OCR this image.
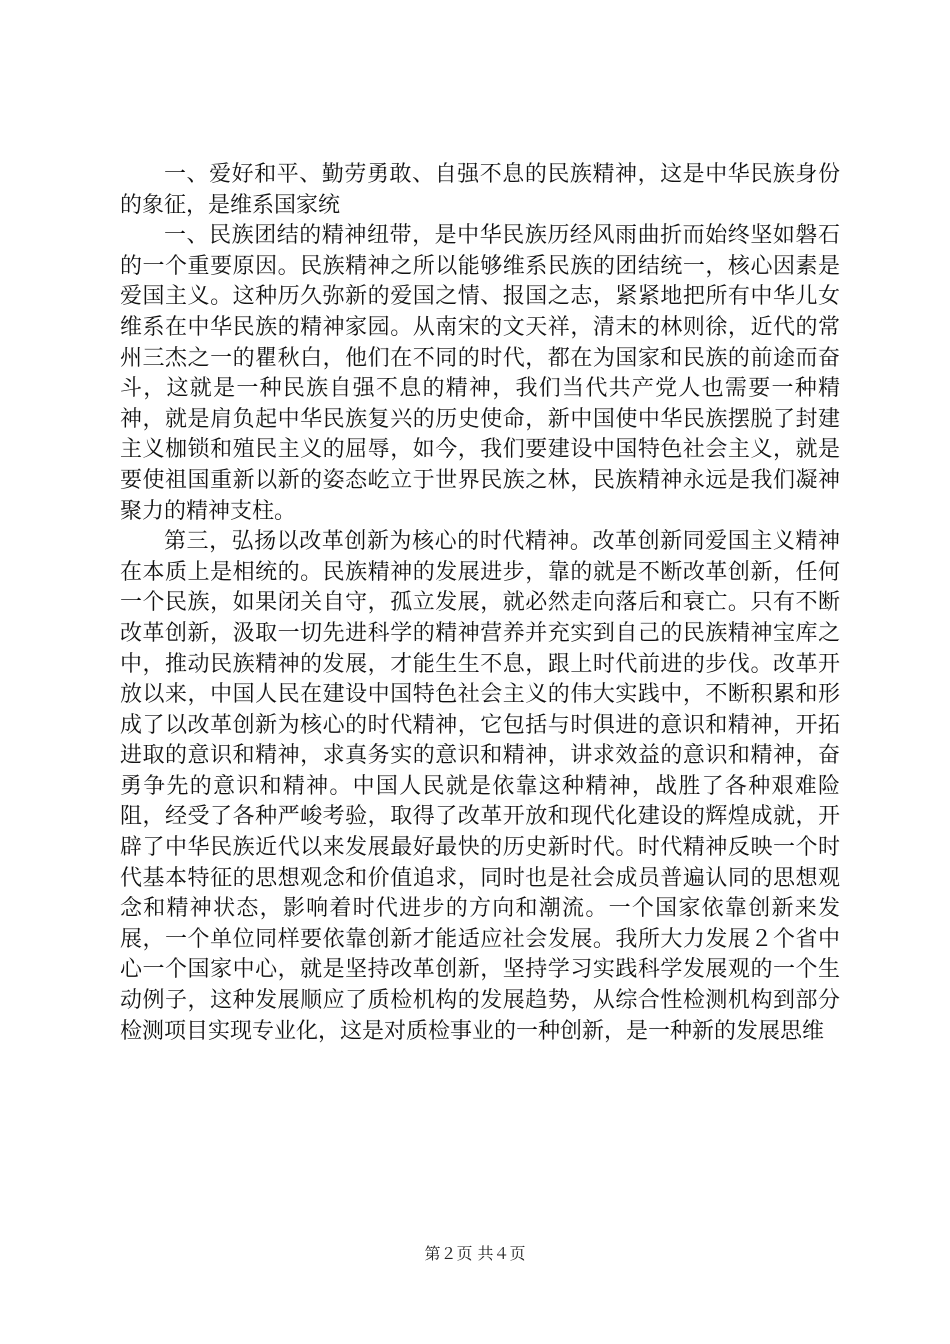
一、爱好和平、勤劳勇敢、自强不息的民族精神，这是中华民族身份的象征，是维系国家统

一、民族团结的精神纽带，是中华民族历经风雨曲折而始终坚如磐石的一个重要原因。民族精神之所以能够维系民族的团结统一，核心因素是爱国主义。这种历久弥新的爱国之情、报国之志，紧紧地把所有中华儿女维系在中华民族的精神家园。从南宋的文天祥，清末的林则徐，近代的常州三杰之一的瞿秋白，他们在不同的时代，都在为国家和民族的前途而奋斗，这就是一种民族自强不息的精神，我们当代共产党人也需要一种精神，就是肩负起中华民族复兴的历史使命，新中国使中华民族摆脱了封建主义枷锁和殖民主义的屈辱，如今，我们要建设中国特色社会主义，就是要使祖国重新以新的姿态屹立于世界民族之林，民族精神永远是我们凝神聚力的精神支柱。

第三，弘扬以改革创新为核心的时代精神。改革创新同爱国主义精神在本质上是相统的。民族精神的发展进步，靠的就是不断改革创新，任何一个民族，如果闭关自守，孤立发展，就必然走向落后和衰亡。只有不断改革创新，汲取一切先进科学的精神营养并充实到自己的民族精神宝库之中，推动民族精神的发展，才能生生不息，跟上时代前进的步伐。改革开放以来，中国人民在建设中国特色社会主义的伟大实践中，不断积累和形成了以改革创新为核心的时代精神，它包括与时俱进的意识和精神，开拓进取的意识和精神，求真务实的意识和精神，讲求效益的意识和精神，奋勇争先的意识和精神。中国人民就是依靠这种精神，战胜了各种艰难险阻，经受了各种严峻考验，取得了改革开放和现代化建设的辉煌成就，开辟了中华民族近代以来发展最好最快的历史新时代。时代精神反映一个时代基本特征的思想观念和价值追求，同时也是社会成员普遍认同的思想观念和精神状态，影响着时代进步的方向和潮流。一个国家依靠创新来发展，一个单位同样要依靠创新才能适应社会发展。我所大力发展２个省中心一个国家中心，就是坚持改革创新，坚持学习实践科学发展观的一个生动例子，这种发展顺应了质检机构的发展趋势，从综合性检测机构到部分检测项目实现专业化，这是对质检事业的一种创新，是一种新的发展思维

第２页 共４页
